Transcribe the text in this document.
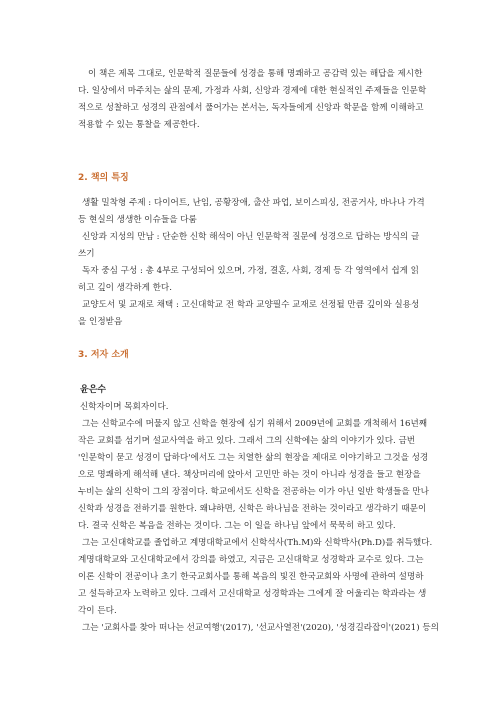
이 책은 제목 그대로, 인문학적 질문들에 성경을 통해 명쾌하고 공감력 있는 해답을 제시한

다. 일상에서 마주치는 삶의 문제, 가정과 사회, 신앙과 경제에 대한 현실적인 주제들을 인문학

적으로 성찰하고 성경의 관점에서 풀어가는 본서는, 독자들에게 신앙과 학문을 함께 이해하고

적용할 수 있는 통찰을 제공한다.

2. 책의 특징

생활 밀착형 주제 : 다이어트, 난임, 공황장애, 출산 파업, 보이스피싱, 전공거사, 바나나 가격

등 현실의 생생한 이슈들을 다룸

신앙과 지성의 만남 : 단순한 신학 해석이 아닌 인문학적 질문에 성경으로 답하는 방식의 글

쓰기

독자 중심 구성 : 총 4부로 구성되어 있으며, 가정, 결혼, 사회, 경제 등 각 영역에서 쉽게 읽

히고 깊이 생각하게 한다.

교양도서 및 교재로 채택 : 고신대학교 전 학과 교양필수 교재로 선정될 만큼 깊이와 실용성

을 인정받음

3. 저자 소개

윤은수

신학자이며 목회자이다.

그는 신학교수에 머물지 않고 신학을 현장에 심기 위해서 2009년에 교회를 개척해서 16년째

작은 교회를 섬기며 설교사역을 하고 있다. 그래서 그의 신학에는 삶의 이야기가 있다. 금번

'인문학이 묻고 성경이 답하다'에서도 그는 치열한 삶의 현장을 제대로 이야기하고 그것을 성경

으로 명쾌하게 해석해 낸다. 책상머리에 앉아서 고민만 하는 것이 아니라 성경을 들고 현장을

누비는 삶의 신학이 그의 장점이다. 학교에서도 신학을 전공하는 이가 아닌 일반 학생들을 만나

신학과 성경을 전하기를 원한다. 왜냐하면, 신학은 하나님을 전하는 것이라고 생각하기 때문이

다. 결국 신학은 복음을 전하는 것이다. 그는 이 일을 하나님 앞에서 묵묵히 하고 있다.

그는 고신대학교를 졸업하고 계명대학교에서 신학석사(Th.M)와 신학박사(Ph.D)를 취득했다.

계명대학교와 고신대학교에서 강의를 하였고, 지금은 고신대학교 성경학과 교수로 있다. 그는

이론 신학이 전공이나 초기 한국교회사를 통해 복음의 빛진 한국교회와 사명에 관하여 설명하

고 설득하고자 노력하고 있다. 그래서 고신대학교 성경학과는 그에게 잘 어울리는 학과라는 생

각이 든다.

그는 '교회사를 찾아 떠나는 선교여행'(2017), '선교사열전'(2020), '성경길라잡이'(2021) 등의
